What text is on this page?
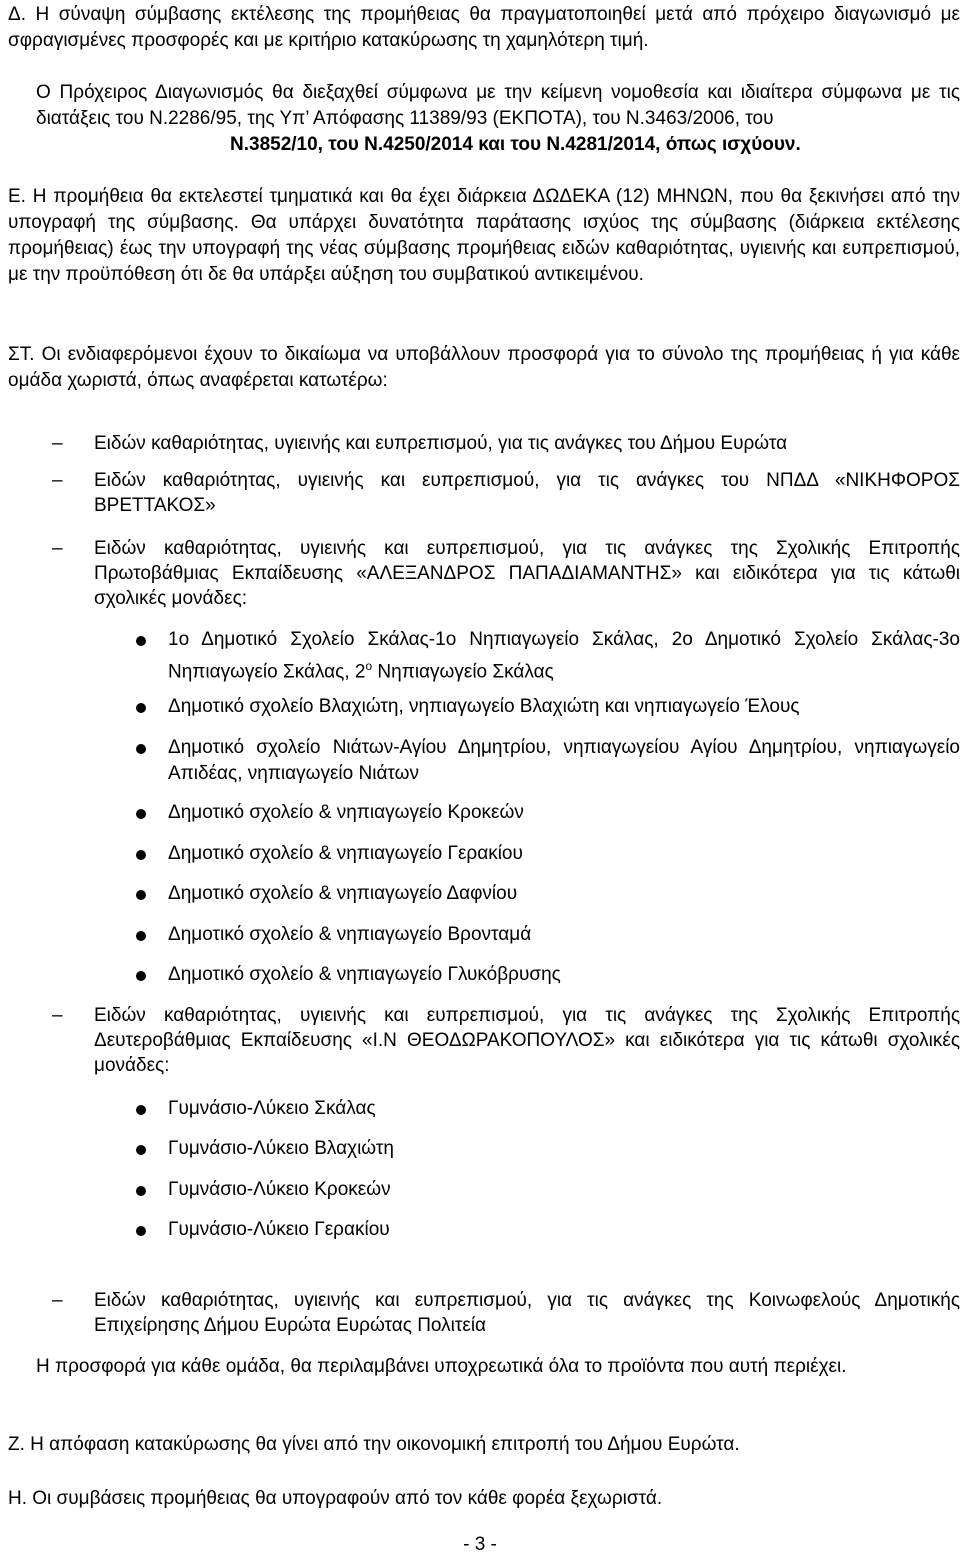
Δ. Η σύναψη σύμβασης εκτέλεσης της προμήθειας θα πραγματοποιηθεί μετά από πρόχειρο διαγωνισμό με σφραγισμένες προσφορές και με κριτήριο κατακύρωσης τη χαμηλότερη τιμή.
Ο Πρόχειρος Διαγωνισμός θα διεξαχθεί σύμφωνα με την κείμενη νομοθεσία και ιδιαίτερα σύμφωνα με τις διατάξεις του Ν.2286/95, της Υπ’ Απόφασης 11389/93 (ΕΚΠΟΤΑ), του Ν.3463/2006, του
Ν.3852/10, του Ν.4250/2014 και του Ν.4281/2014, όπως ισχύουν.
Ε. Η προμήθεια θα εκτελεστεί τμηματικά και θα έχει διάρκεια ΔΩΔΕΚΑ (12) ΜΗΝΩΝ, που θα ξεκινήσει από την υπογραφή της σύμβασης. Θα υπάρχει δυνατότητα παράτασης ισχύος της σύμβασης (διάρκεια εκτέλεσης προμήθειας) έως την υπογραφή της νέας σύμβασης προμήθειας ειδών καθαριότητας, υγιεινής και ευπρεπισμού, με την προϋπόθεση ότι δε θα υπάρξει αύξηση του συμβατικού αντικειμένου.
ΣΤ. Οι ενδιαφερόμενοι έχουν το δικαίωμα να υποβάλλουν προσφορά για το σύνολο της προμήθειας ή για κάθε ομάδα χωριστά, όπως αναφέρεται κατωτέρω:
– Ειδών καθαριότητας, υγιεινής και ευπρεπισμού, για τις ανάγκες του Δήμου Ευρώτα
– Ειδών καθαριότητας, υγιεινής και ευπρεπισμού, για τις ανάγκες του ΝΠΔΔ «ΝΙΚΗΦΟΡΟΣ ΒΡΕΤΤΑΚΟΣ»
– Ειδών καθαριότητας, υγιεινής και ευπρεπισμού, για τις ανάγκες της Σχολικής Επιτροπής Πρωτοβάθμιας Εκπαίδευσης «ΑΛΕΞΑΝΔΡΟΣ ΠΑΠΑΔΙΑΜΑΝΤΗΣ» και ειδικότερα για τις κάτωθι σχολικές μονάδες:
1ο Δημοτικό Σχολείο Σκάλας-1ο Νηπιαγωγείο Σκάλας, 2ο Δημοτικό Σχολείο Σκάλας-3ο Νηπιαγωγείο Σκάλας, $2^o$ Νηπιαγωγείο Σκάλας
Δημοτικό σχολείο Βλαχιώτη, νηπιαγωγείο Βλαχιώτη και νηπιαγωγείο Έλους
Δημοτικό σχολείο Νιάτων-Αγίου Δημητρίου, νηπιαγωγείου Αγίου Δημητρίου, νηπιαγωγείο Απιδέας, νηπιαγωγείο Νιάτων
Δημοτικό σχολείο & νηπιαγωγείο Κροκεών
Δημοτικό σχολείο & νηπιαγωγείο Γερακίου
Δημοτικό σχολείο & νηπιαγωγείο Δαφνίου
Δημοτικό σχολείο & νηπιαγωγείο Βρονταμά
Δημοτικό σχολείο & νηπιαγωγείο Γλυκόβρυσης
– Ειδών καθαριότητας, υγιεινής και ευπρεπισμού, για τις ανάγκες της Σχολικής Επιτροπής Δευτεροβάθμιας Εκπαίδευσης «Ι.Ν ΘΕΟΔΩΡΑΚΟΠΟΥΛΟΣ» και ειδικότερα για τις κάτωθι σχολικές μονάδες:
Γυμνάσιο-Λύκειο Σκάλας
Γυμνάσιο-Λύκειο Βλαχιώτη
Γυμνάσιο-Λύκειο Κροκεών
Γυμνάσιο-Λύκειο Γερακίου
– Ειδών καθαριότητας, υγιεινής και ευπρεπισμού, για τις ανάγκες της Κοινωφελούς Δημοτικής Επιχείρησης Δήμου Ευρώτα Ευρώτας Πολιτεία
Η προσφορά για κάθε ομάδα, θα περιλαμβάνει υποχρεωτικά όλα το προϊόντα που αυτή περιέχει.
Ζ. Η απόφαση κατακύρωσης θα γίνει από την οικονομική επιτροπή του Δήμου Ευρώτα.
Η. Οι συμβάσεις προμήθειας θα υπογραφούν από τον κάθε φορέα ξεχωριστά.
- 3 -
